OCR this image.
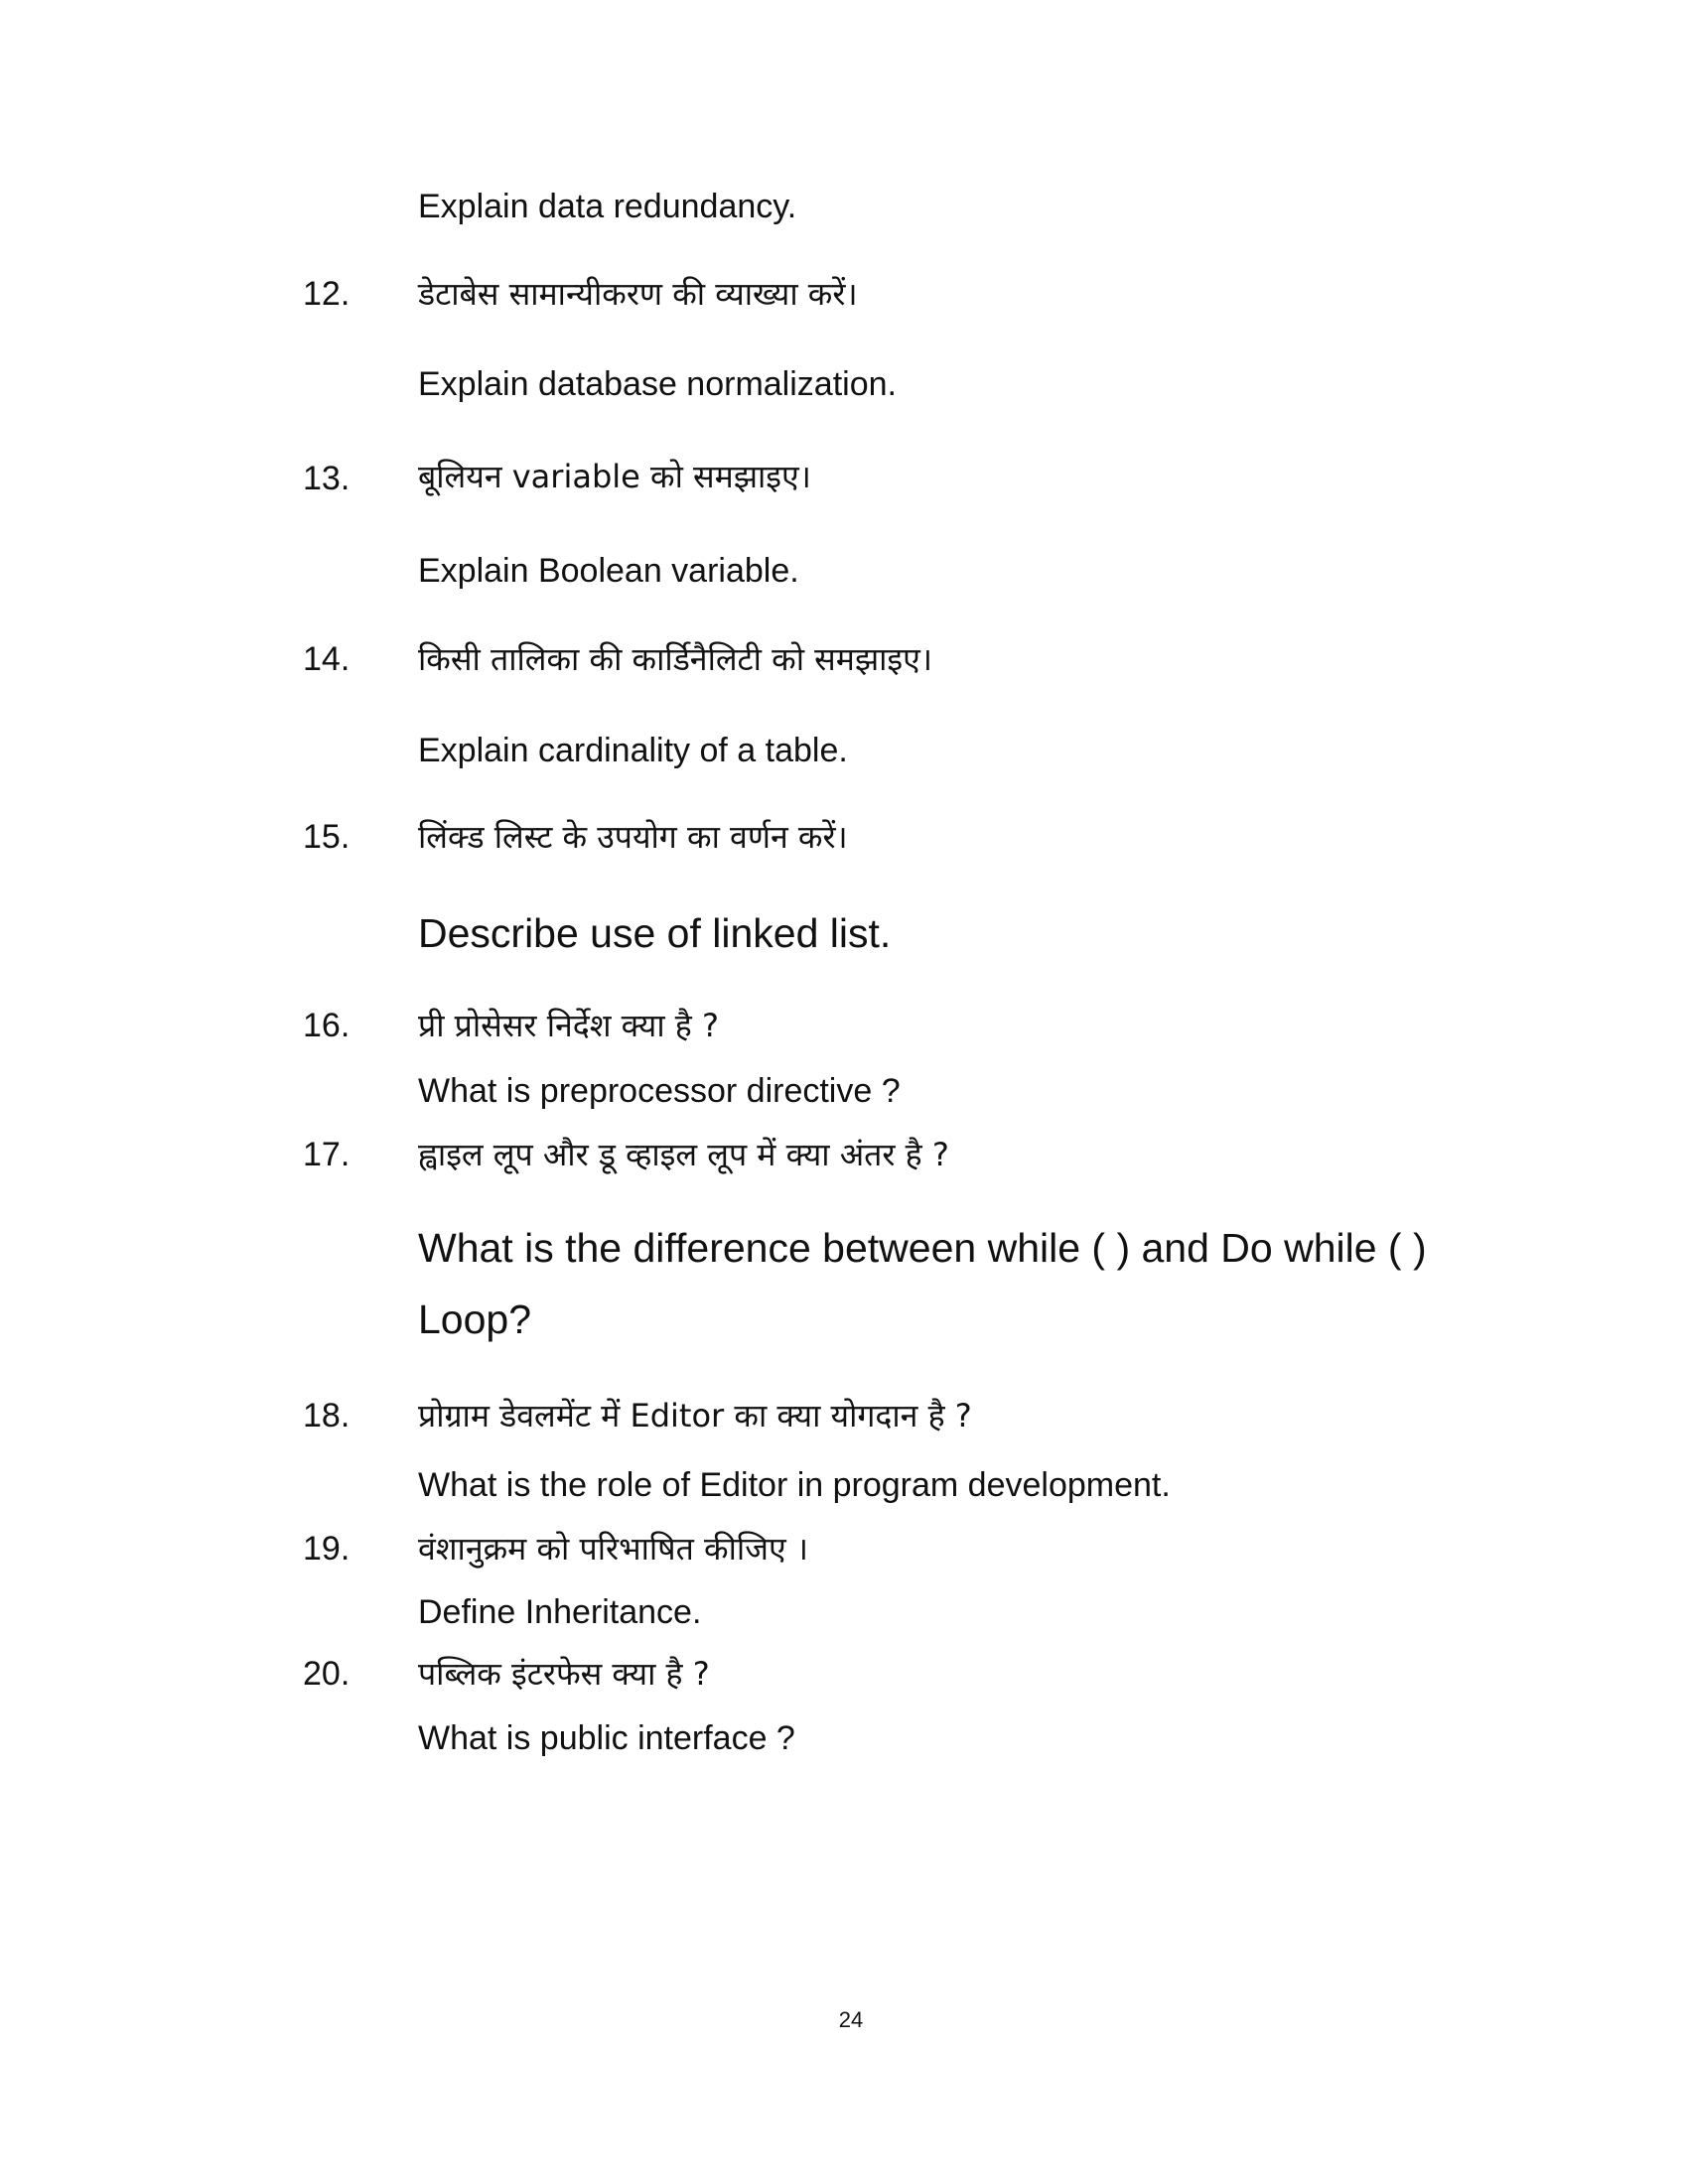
Explain data redundancy.
12. डेटाबेस सामान्यीकरण की व्याख्या करें।
Explain database normalization.
13. बूलियन variable को समझाइए।
Explain Boolean variable.
14. किसी तालिका की कार्डिनैलिटी को समझाइए।
Explain cardinality of a table.
15. लिंक्ड लिस्ट के उपयोग का वर्णन करें।
Describe use of linked list.
16. प्री प्रोसेसर निर्देश क्या है ?
What is preprocessor directive ?
17. ह्वाइल लूप और डू व्हाइल लूप में क्या अंतर है ?
What is the difference between while ( ) and Do while ( )
Loop?
18. प्रोग्राम डेवलमेंट में Editor का क्या योगदान है ?
What is the role of Editor in program development.
19. वंशानुक्रम को परिभाषित कीजिए ।
Define Inheritance.
20. पब्लिक इंटरफेस क्या है ?
What is public interface ?
24
